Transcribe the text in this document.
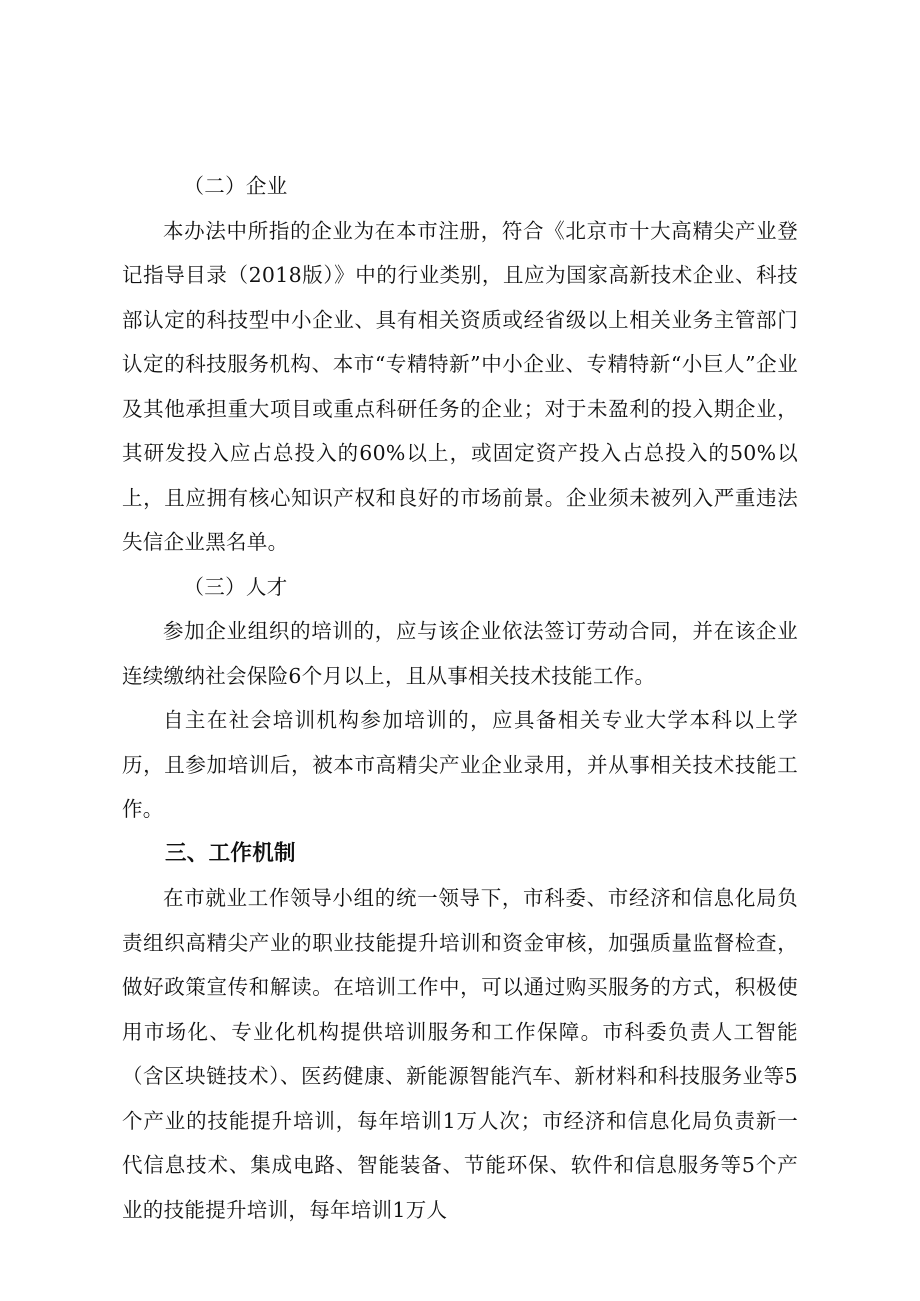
（二）企业

本办法中所指的企业为在本市注册，符合《北京市十大高精尖产业登记指导目录（2018版）》中的行业类别，且应为国家高新技术企业、科技部认定的科技型中小企业、具有相关资质或经省级以上相关业务主管部门认定的科技服务机构、本市“专精特新”中小企业、专精特新“小巨人”企业及其他承担重大项目或重点科研任务的企业；对于未盈利的投入期企业，其研发投入应占总投入的60%以上，或固定资产投入占总投入的50%以上，且应拥有核心知识产权和良好的市场前景。企业须未被列入严重违法失信企业黑名单。

（三）人才

参加企业组织的培训的，应与该企业依法签订劳动合同，并在该企业连续缴纳社会保险6个月以上，且从事相关技术技能工作。

自主在社会培训机构参加培训的，应具备相关专业大学本科以上学历，且参加培训后，被本市高精尖产业企业录用，并从事相关技术技能工作。

三、工作机制

在市就业工作领导小组的统一领导下，市科委、市经济和信息化局负责组织高精尖产业的职业技能提升培训和资金审核，加强质量监督检查，做好政策宣传和解读。在培训工作中，可以通过购买服务的方式，积极使用市场化、专业化机构提供培训服务和工作保障。市科委负责人工智能（含区块链技术）、医药健康、新能源智能汽车、新材料和科技服务业等5个产业的技能提升培训，每年培训1万人次；市经济和信息化局负责新一代信息技术、集成电路、智能装备、节能环保、软件和信息服务等5个产业的技能提升培训，每年培训1万人
